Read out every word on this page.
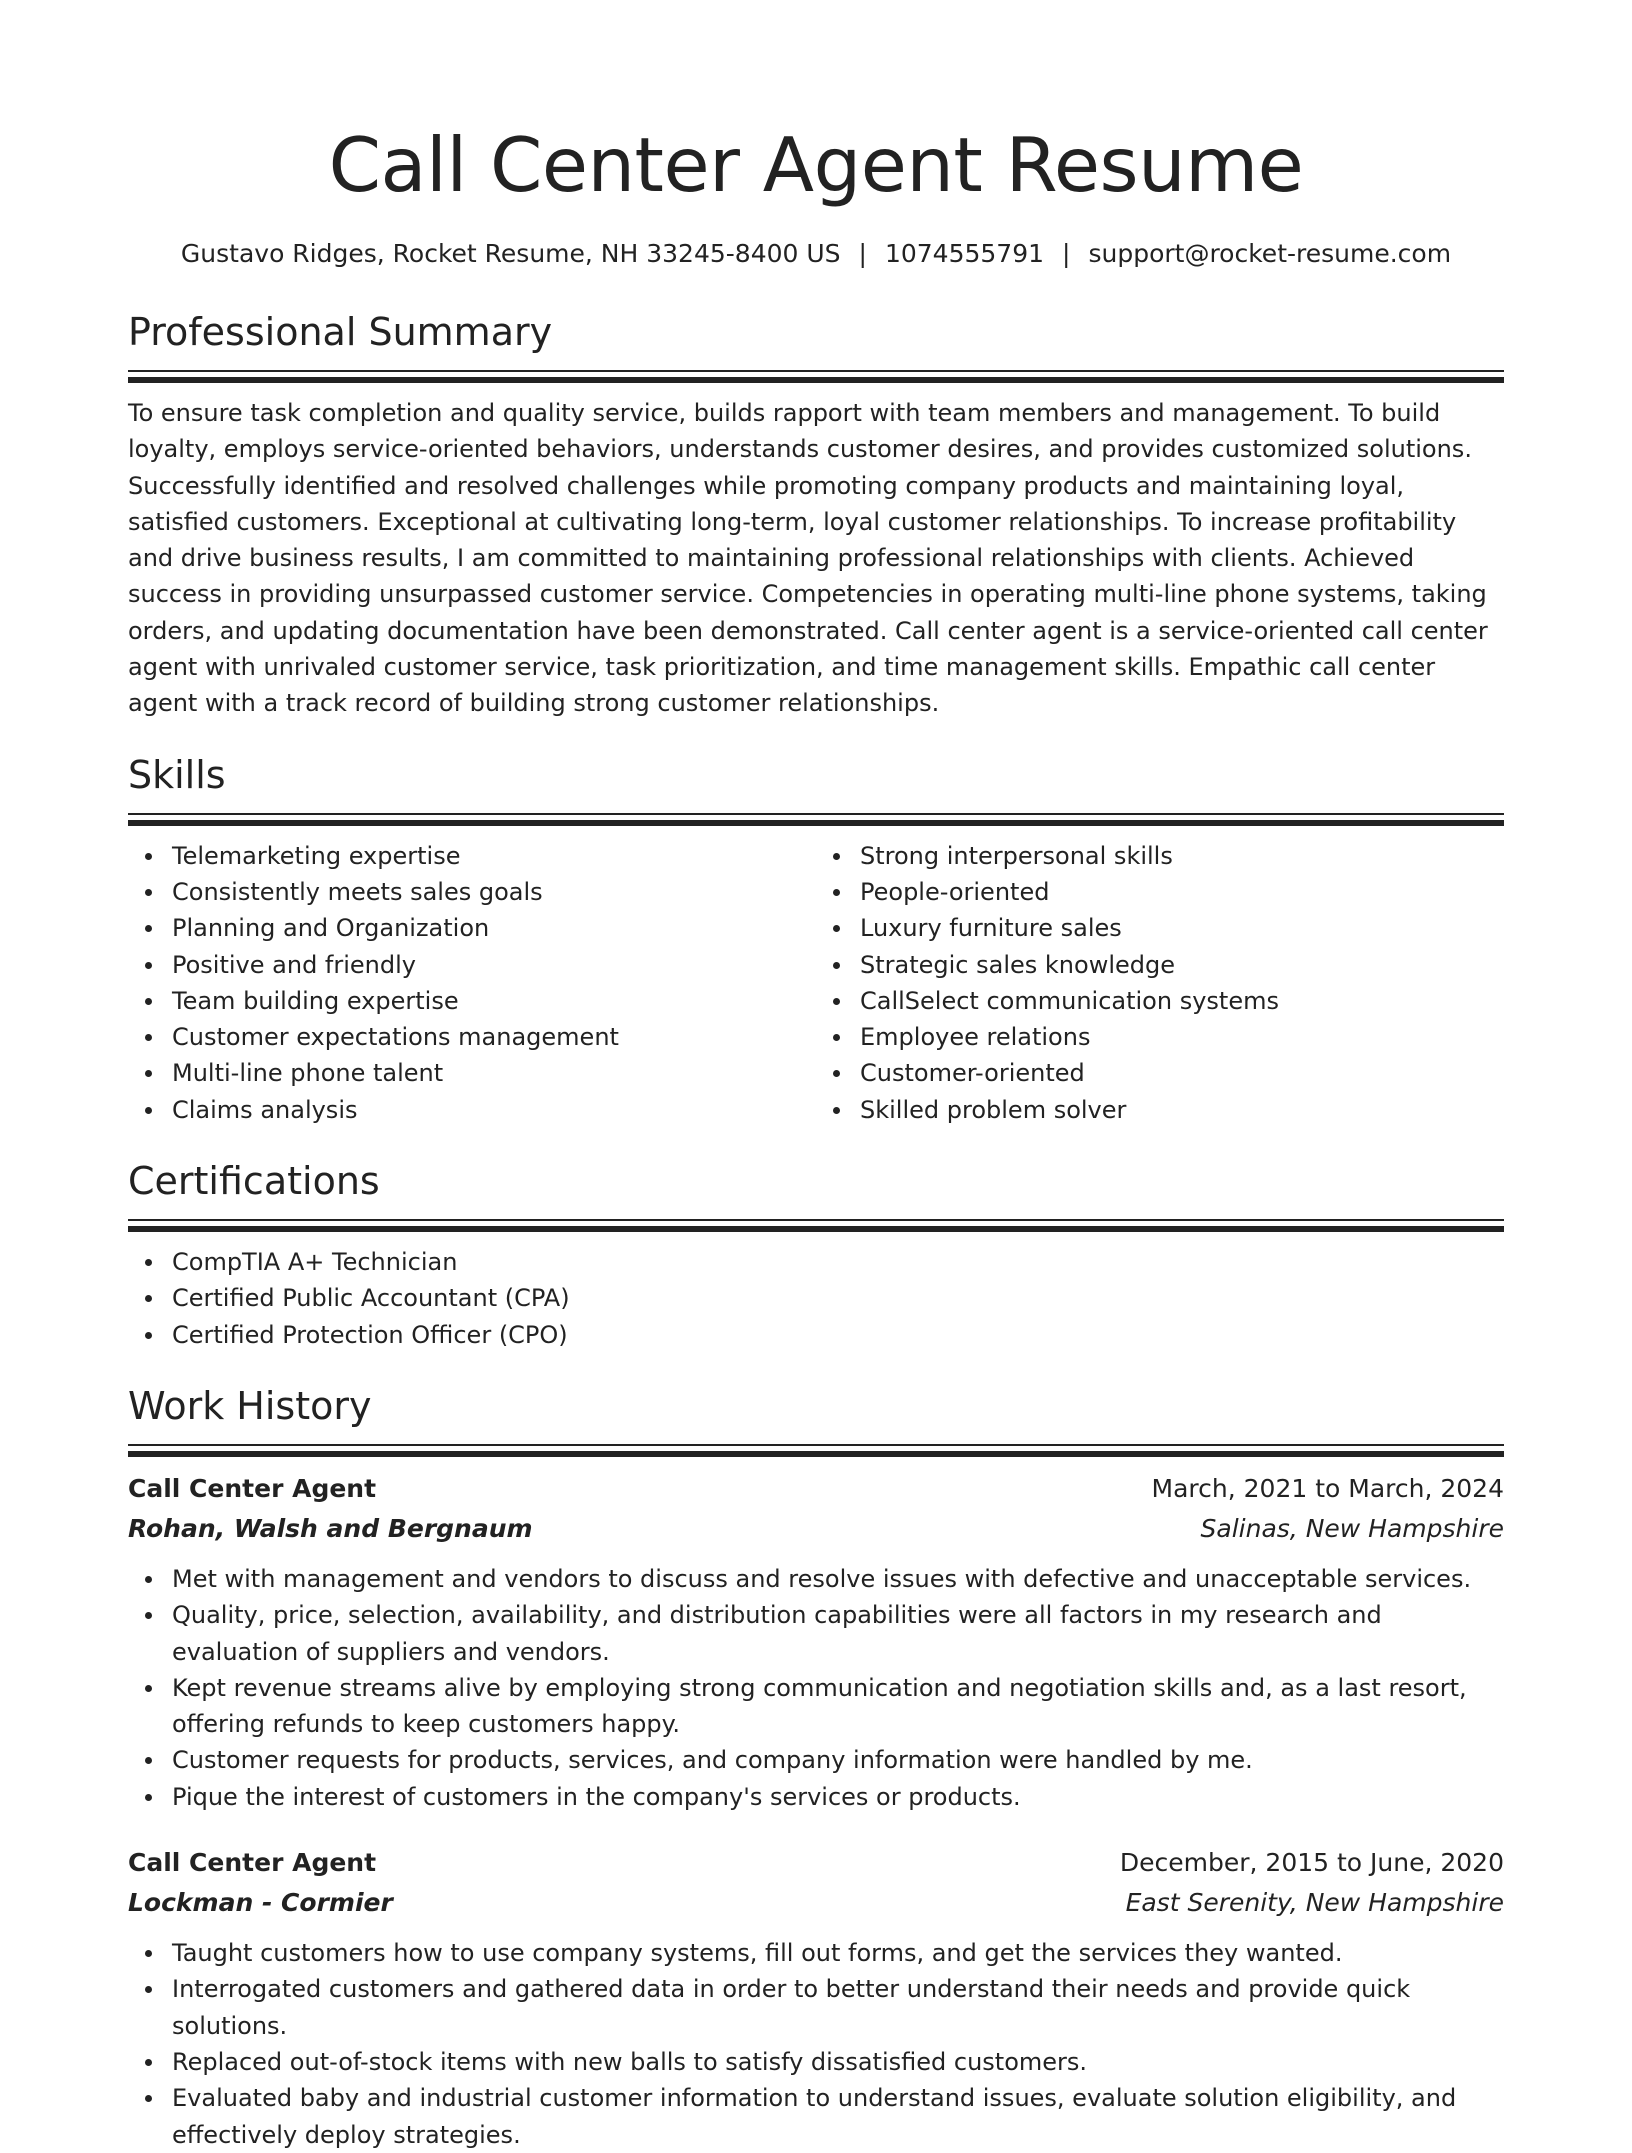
Call Center Agent Resume
Gustavo Ridges, Rocket Resume, NH 33245-8400 US | 1074555791 | support@rocket-resume.com
Professional Summary

To ensure task completion and quality service, builds rapport with team members and management. To build loyalty, employs service-oriented behaviors, understands customer desires, and provides customized solutions. Successfully identified and resolved challenges while promoting company products and maintaining loyal, satisfied customers. Exceptional at cultivating long-term, loyal customer relationships. To increase profitability and drive business results, I am committed to maintaining professional relationships with clients. Achieved success in providing unsurpassed customer service. Competencies in operating multi-line phone systems, taking orders, and updating documentation have been demonstrated. Call center agent is a service-oriented call center agent with unrivaled customer service, task prioritization, and time management skills. Empathic call center agent with a track record of building strong customer relationships.

Skills
Telemarketing expertise
Consistently meets sales goals
Planning and Organization
Positive and friendly
Team building expertise
Customer expectations management
Multi-line phone talent
Claims analysis
Strong interpersonal skills
People-oriented
Luxury furniture sales
Strategic sales knowledge
CallSelect communication systems
Employee relations
Customer-oriented
Skilled problem solver
Certifications
CompTIA A+ Technician
Certified Public Accountant (CPA)
Certified Protection Officer (CPO)
Work History
Call Center Agent	March, 2021 to March, 2024
Rohan, Walsh and Bergnaum	Salinas, New Hampshire
Met with management and vendors to discuss and resolve issues with defective and unacceptable services.
Quality, price, selection, availability, and distribution capabilities were all factors in my research and evaluation of suppliers and vendors.
Kept revenue streams alive by employing strong communication and negotiation skills and, as a last resort, offering refunds to keep customers happy.
Customer requests for products, services, and company information were handled by me.
Pique the interest of customers in the company's services or products.
Call Center Agent	December, 2015 to June, 2020
Lockman - Cormier	East Serenity, New Hampshire
Taught customers how to use company systems, fill out forms, and get the services they wanted.
Interrogated customers and gathered data in order to better understand their needs and provide quick solutions.
Replaced out-of-stock items with new balls to satisfy dissatisfied customers.
Evaluated baby and industrial customer information to understand issues, evaluate solution eligibility, and effectively deploy strategies.
